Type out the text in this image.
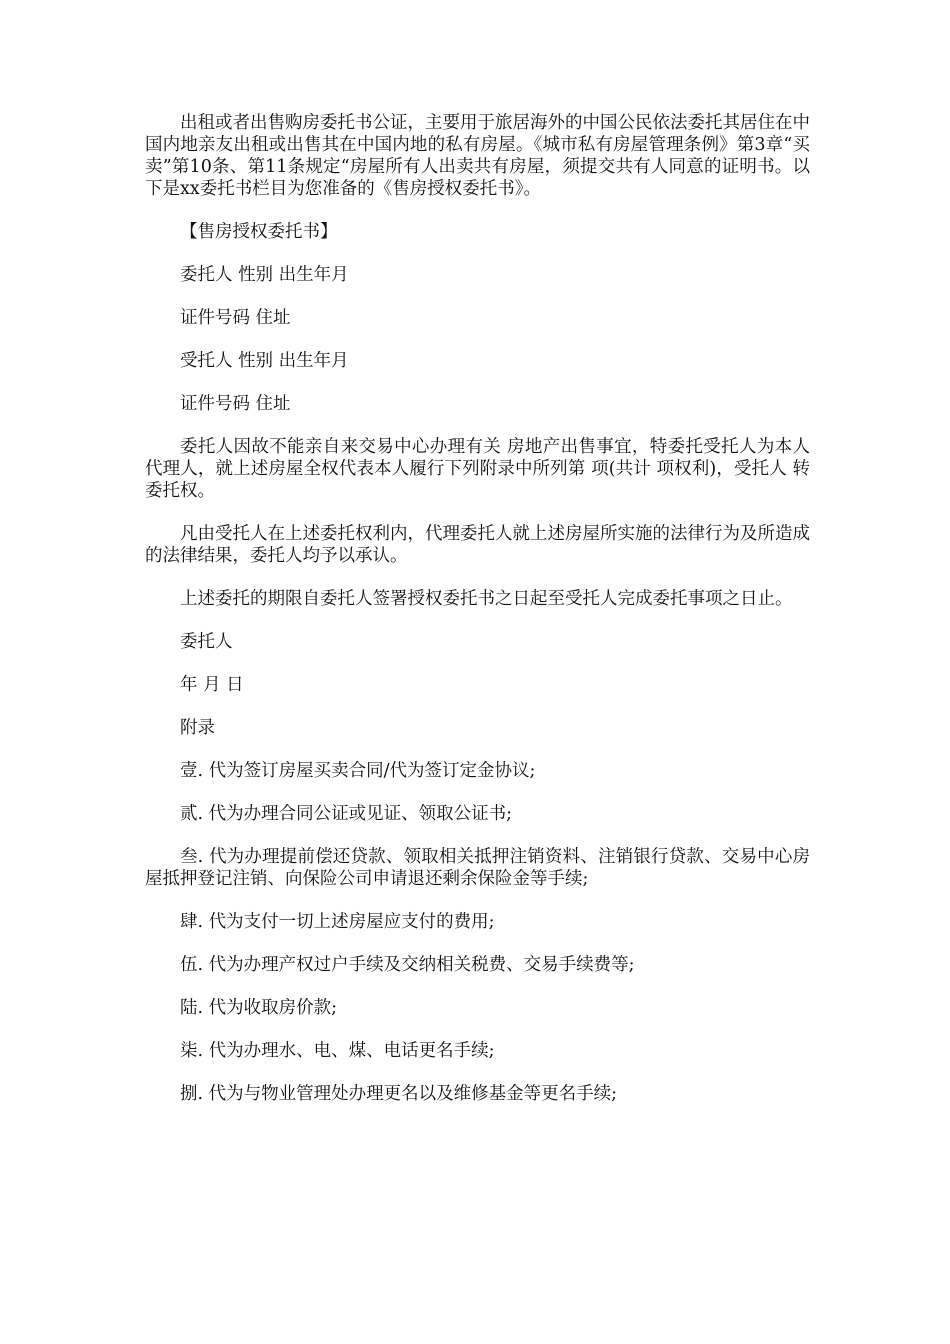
出租或者出售购房委托书公证，主要用于旅居海外的中国公民依法委托其居住在中国内地亲友出租或出售其在中国内地的私有房屋。《城市私有房屋管理条例》第3章“买卖”第10条、第11条规定“房屋所有人出卖共有房屋，须提交共有人同意的证明书。以下是xx委托书栏目为您准备的《售房授权委托书》。

【售房授权委托书】

委托人 性别 出生年月

证件号码 住址

受托人 性别 出生年月

证件号码 住址

委托人因故不能亲自来交易中心办理有关 房地产出售事宜，特委托受托人为本人代理人，就上述房屋全权代表本人履行下列附录中所列第 项(共计 项权利)，受托人 转委托权。

凡由受托人在上述委托权利内，代理委托人就上述房屋所实施的法律行为及所造成的法律结果，委托人均予以承认。

上述委托的期限自委托人签署授权委托书之日起至受托人完成委托事项之日止。

委托人

年 月 日

附录

壹. 代为签订房屋买卖合同/代为签订定金协议;

贰. 代为办理合同公证或见证、领取公证书;

叁. 代为办理提前偿还贷款、领取相关抵押注销资料、注销银行贷款、交易中心房屋抵押登记注销、向保险公司申请退还剩余保险金等手续;

肆. 代为支付一切上述房屋应支付的费用;

伍. 代为办理产权过户手续及交纳相关税费、交易手续费等;

陆. 代为收取房价款;

柒. 代为办理水、电、煤、电话更名手续;

捌. 代为与物业管理处办理更名以及维修基金等更名手续;
